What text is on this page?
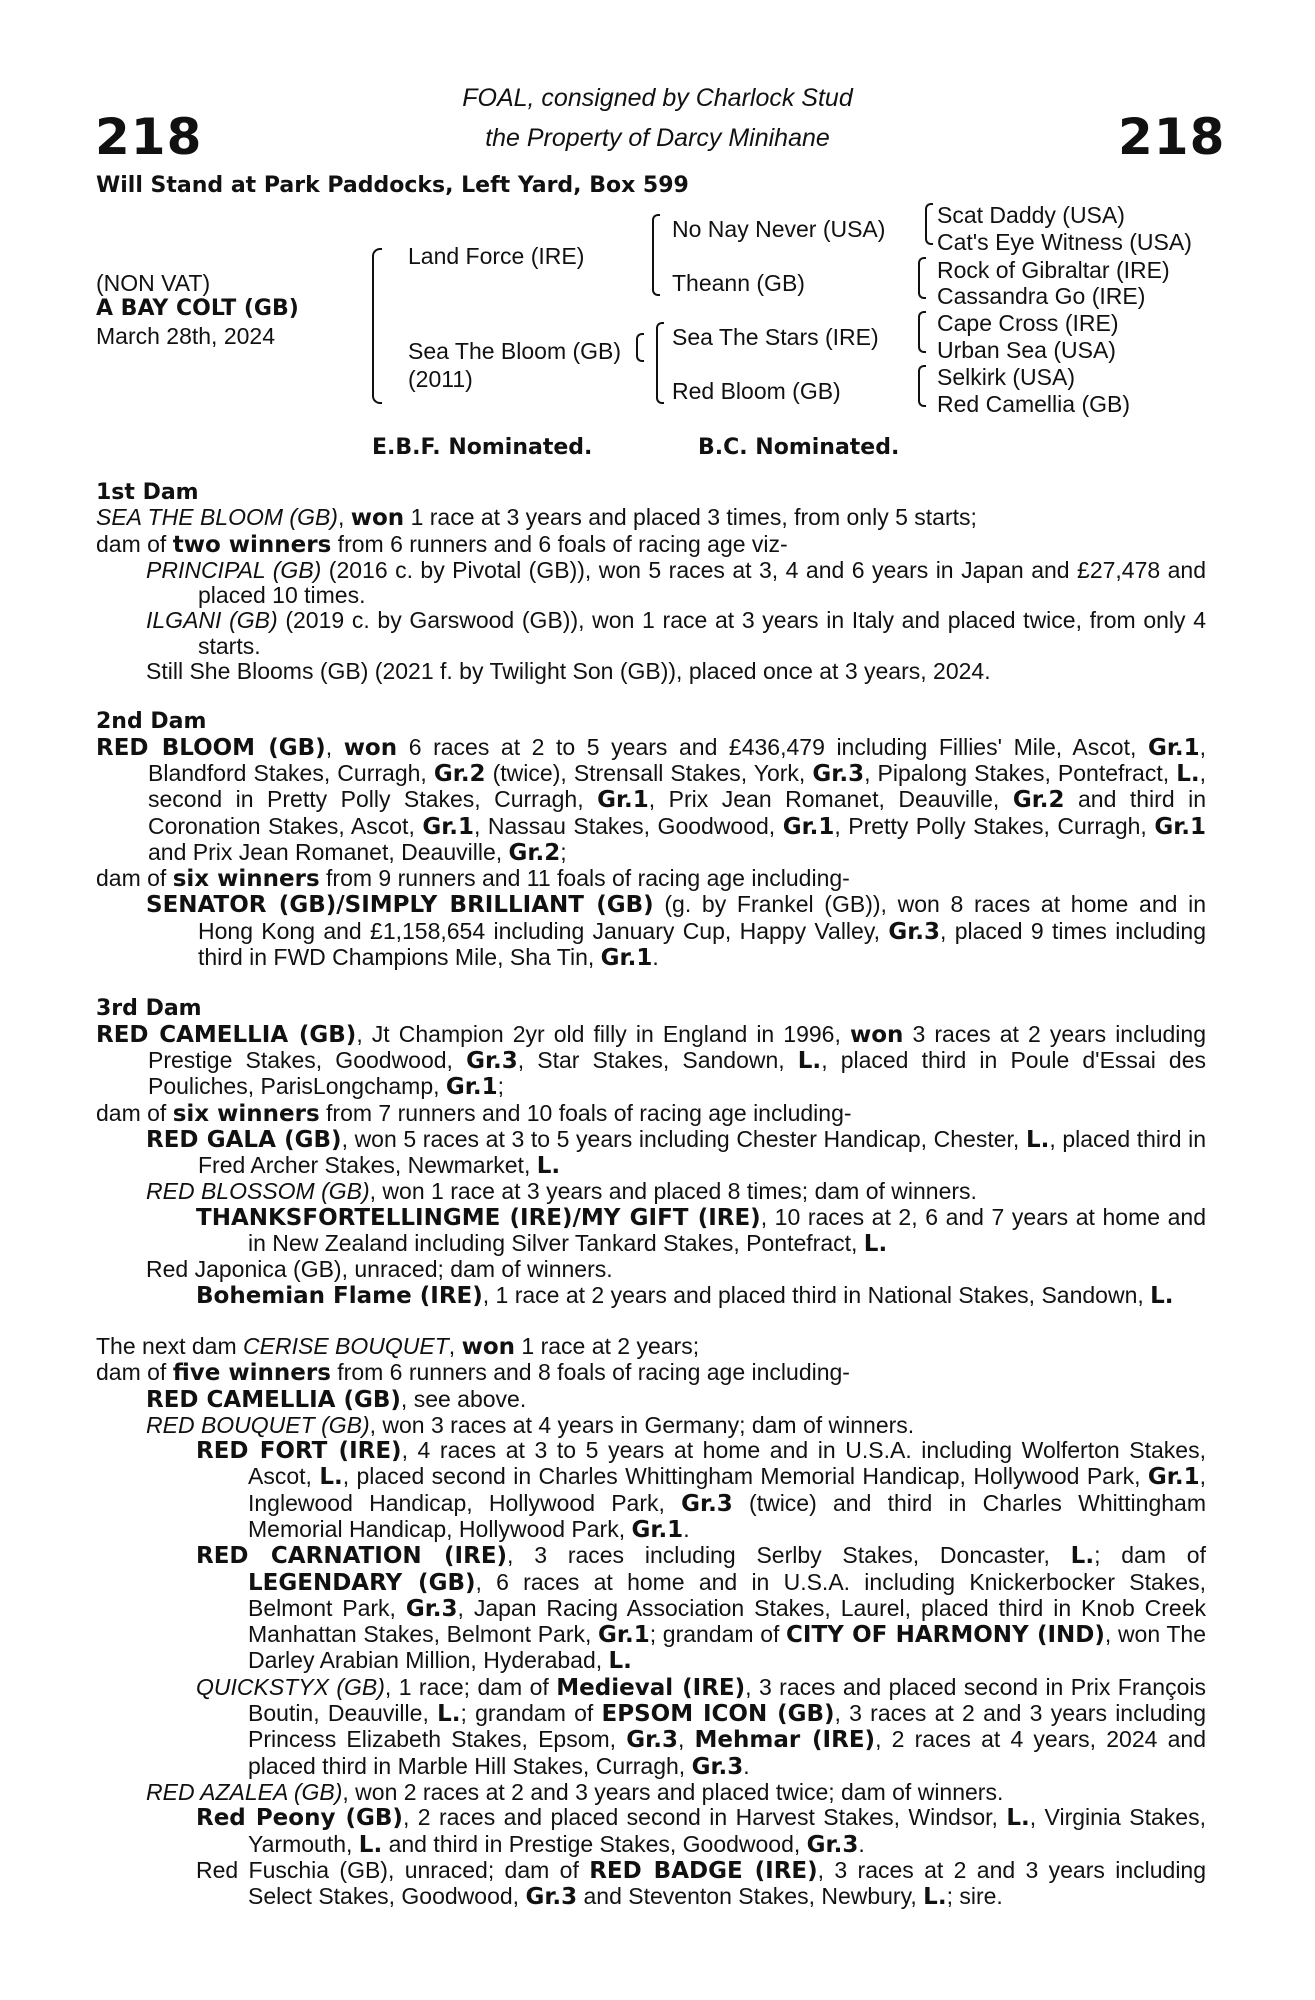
218	218
FOAL, consigned by Charlock Stud
the Property of Darcy Minihane
Will Stand at Park Paddocks, Left Yard, Box 599
(NON VAT)
A BAY COLT (GB)
March 28th, 2024
Land Force (IRE)
Sea The Bloom (GB)
(2011)
No Nay Never (USA)
Theann (GB)
Sea The Stars (IRE)
Red Bloom (GB)
Scat Daddy (USA)
Cat's Eye Witness (USA)
Rock of Gibraltar (IRE)
Cassandra Go (IRE)
Cape Cross (IRE)
Urban Sea (USA)
Selkirk (USA)
Red Camellia (GB)
E.B.F. Nominated.	B.C. Nominated.

1st Dam

SEA THE BLOOM (GB), won 1 race at 3 years and placed 3 times, from only 5 starts;

dam of two winners from 6 runners and 6 foals of racing age viz-

PRINCIPAL (GB) (2016 c. by Pivotal (GB)), won 5 races at 3, 4 and 6 years in Japan and £27,478 and placed 10 times.

ILGANI (GB) (2019 c. by Garswood (GB)), won 1 race at 3 years in Italy and placed twice, from only 4 starts.

Still She Blooms (GB) (2021 f. by Twilight Son (GB)), placed once at 3 years, 2024.

2nd Dam

RED BLOOM (GB), won 6 races at 2 to 5 years and £436,479 including Fillies' Mile, Ascot, Gr.1, Blandford Stakes, Curragh, Gr.2 (twice), Strensall Stakes, York, Gr.3, Pipalong Stakes, Pontefract, L., second in Pretty Polly Stakes, Curragh, Gr.1, Prix Jean Romanet, Deauville, Gr.2 and third in Coronation Stakes, Ascot, Gr.1, Nassau Stakes, Goodwood, Gr.1, Pretty Polly Stakes, Curragh, Gr.1 and Prix Jean Romanet, Deauville, Gr.2;

dam of six winners from 9 runners and 11 foals of racing age including-

SENATOR (GB)/SIMPLY BRILLIANT (GB) (g. by Frankel (GB)), won 8 races at home and in Hong Kong and £1,158,654 including January Cup, Happy Valley, Gr.3, placed 9 times including third in FWD Champions Mile, Sha Tin, Gr.1.

3rd Dam

RED CAMELLIA (GB), Jt Champion 2yr old filly in England in 1996, won 3 races at 2 years including Prestige Stakes, Goodwood, Gr.3, Star Stakes, Sandown, L., placed third in Poule d'Essai des Pouliches, ParisLongchamp, Gr.1;

dam of six winners from 7 runners and 10 foals of racing age including-

RED GALA (GB), won 5 races at 3 to 5 years including Chester Handicap, Chester, L., placed third in Fred Archer Stakes, Newmarket, L.

RED BLOSSOM (GB), won 1 race at 3 years and placed 8 times; dam of winners.

THANKSFORTELLINGME (IRE)/MY GIFT (IRE), 10 races at 2, 6 and 7 years at home and in New Zealand including Silver Tankard Stakes, Pontefract, L.

Red Japonica (GB), unraced; dam of winners.

Bohemian Flame (IRE), 1 race at 2 years and placed third in National Stakes, Sandown, L.

The next dam CERISE BOUQUET, won 1 race at 2 years;

dam of five winners from 6 runners and 8 foals of racing age including-

RED CAMELLIA (GB), see above.

RED BOUQUET (GB), won 3 races at 4 years in Germany; dam of winners.

RED FORT (IRE), 4 races at 3 to 5 years at home and in U.S.A. including Wolferton Stakes, Ascot, L., placed second in Charles Whittingham Memorial Handicap, Hollywood Park, Gr.1, Inglewood Handicap, Hollywood Park, Gr.3 (twice) and third in Charles Whittingham Memorial Handicap, Hollywood Park, Gr.1.

RED CARNATION (IRE), 3 races including Serlby Stakes, Doncaster, L.; dam of LEGENDARY (GB), 6 races at home and in U.S.A. including Knickerbocker Stakes, Belmont Park, Gr.3, Japan Racing Association Stakes, Laurel, placed third in Knob Creek Manhattan Stakes, Belmont Park, Gr.1; grandam of CITY OF HARMONY (IND), won The Darley Arabian Million, Hyderabad, L.

QUICKSTYX (GB), 1 race; dam of Medieval (IRE), 3 races and placed second in Prix François Boutin, Deauville, L.; grandam of EPSOM ICON (GB), 3 races at 2 and 3 years including Princess Elizabeth Stakes, Epsom, Gr.3, Mehmar (IRE), 2 races at 4 years, 2024 and placed third in Marble Hill Stakes, Curragh, Gr.3.

RED AZALEA (GB), won 2 races at 2 and 3 years and placed twice; dam of winners.

Red Peony (GB), 2 races and placed second in Harvest Stakes, Windsor, L., Virginia Stakes, Yarmouth, L. and third in Prestige Stakes, Goodwood, Gr.3.

Red Fuschia (GB), unraced; dam of RED BADGE (IRE), 3 races at 2 and 3 years including Select Stakes, Goodwood, Gr.3 and Steventon Stakes, Newbury, L.; sire.
